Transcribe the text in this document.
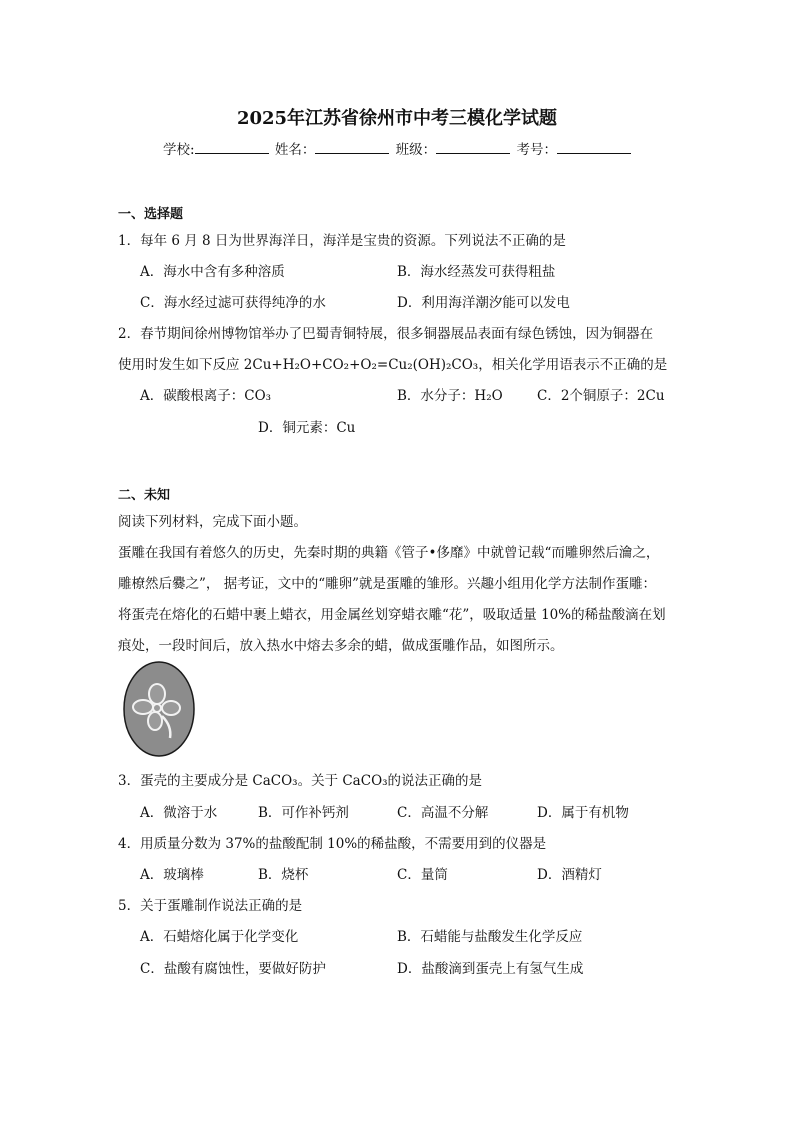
2025年江苏省徐州市中考三模化学试题
学校:	姓名：	班级：	考号：
一、选择题
1．每年 6 月 8 日为世界海洋日，海洋是宝贵的资源。下列说法不正确的是
A．海水中含有多种溶质	B．海水经蒸发可获得粗盐
C．海水经过滤可获得纯净的水	D．利用海洋潮汐能可以发电
2．春节期间徐州博物馆举办了巴蜀青铜特展，很多铜器展品表面有绿色锈蚀，因为铜器在
使用时发生如下反应 2Cu+H₂O+CO₂+O₂=Cu₂(OH)₂CO₃，相关化学用语表示不正确的是
A．碳酸根离子：CO₃	B．水分子：H₂O	C．2个铜原子：2Cu
D．铜元素：Cu
二、未知
阅读下列材料，完成下面小题。
蛋雕在我国有着悠久的历史，先秦时期的典籍《管子•侈靡》中就曾记载“而雕卵然后瀹之，
雕橑然后爨之”， 据考证，文中的“雕卵”就是蛋雕的雏形。兴趣小组用化学方法制作蛋雕：
将蛋壳在熔化的石蜡中裹上蜡衣，用金属丝划穿蜡衣雕“花”，吸取适量 10%的稀盐酸滴在划
痕处，一段时间后，放入热水中熔去多余的蜡，做成蛋雕作品，如图所示。
3．蛋壳的主要成分是 CaCO₃。关于 CaCO₃的说法正确的是
A．微溶于水	B．可作补钙剂	C．高温不分解	D．属于有机物
4．用质量分数为 37%的盐酸配制 10%的稀盐酸，不需要用到的仪器是
A．玻璃棒	B．烧杯	C．量筒	D．酒精灯
5．关于蛋雕制作说法正确的是
A．石蜡熔化属于化学变化	B．石蜡能与盐酸发生化学反应
C．盐酸有腐蚀性，要做好防护	D．盐酸滴到蛋壳上有氢气生成
